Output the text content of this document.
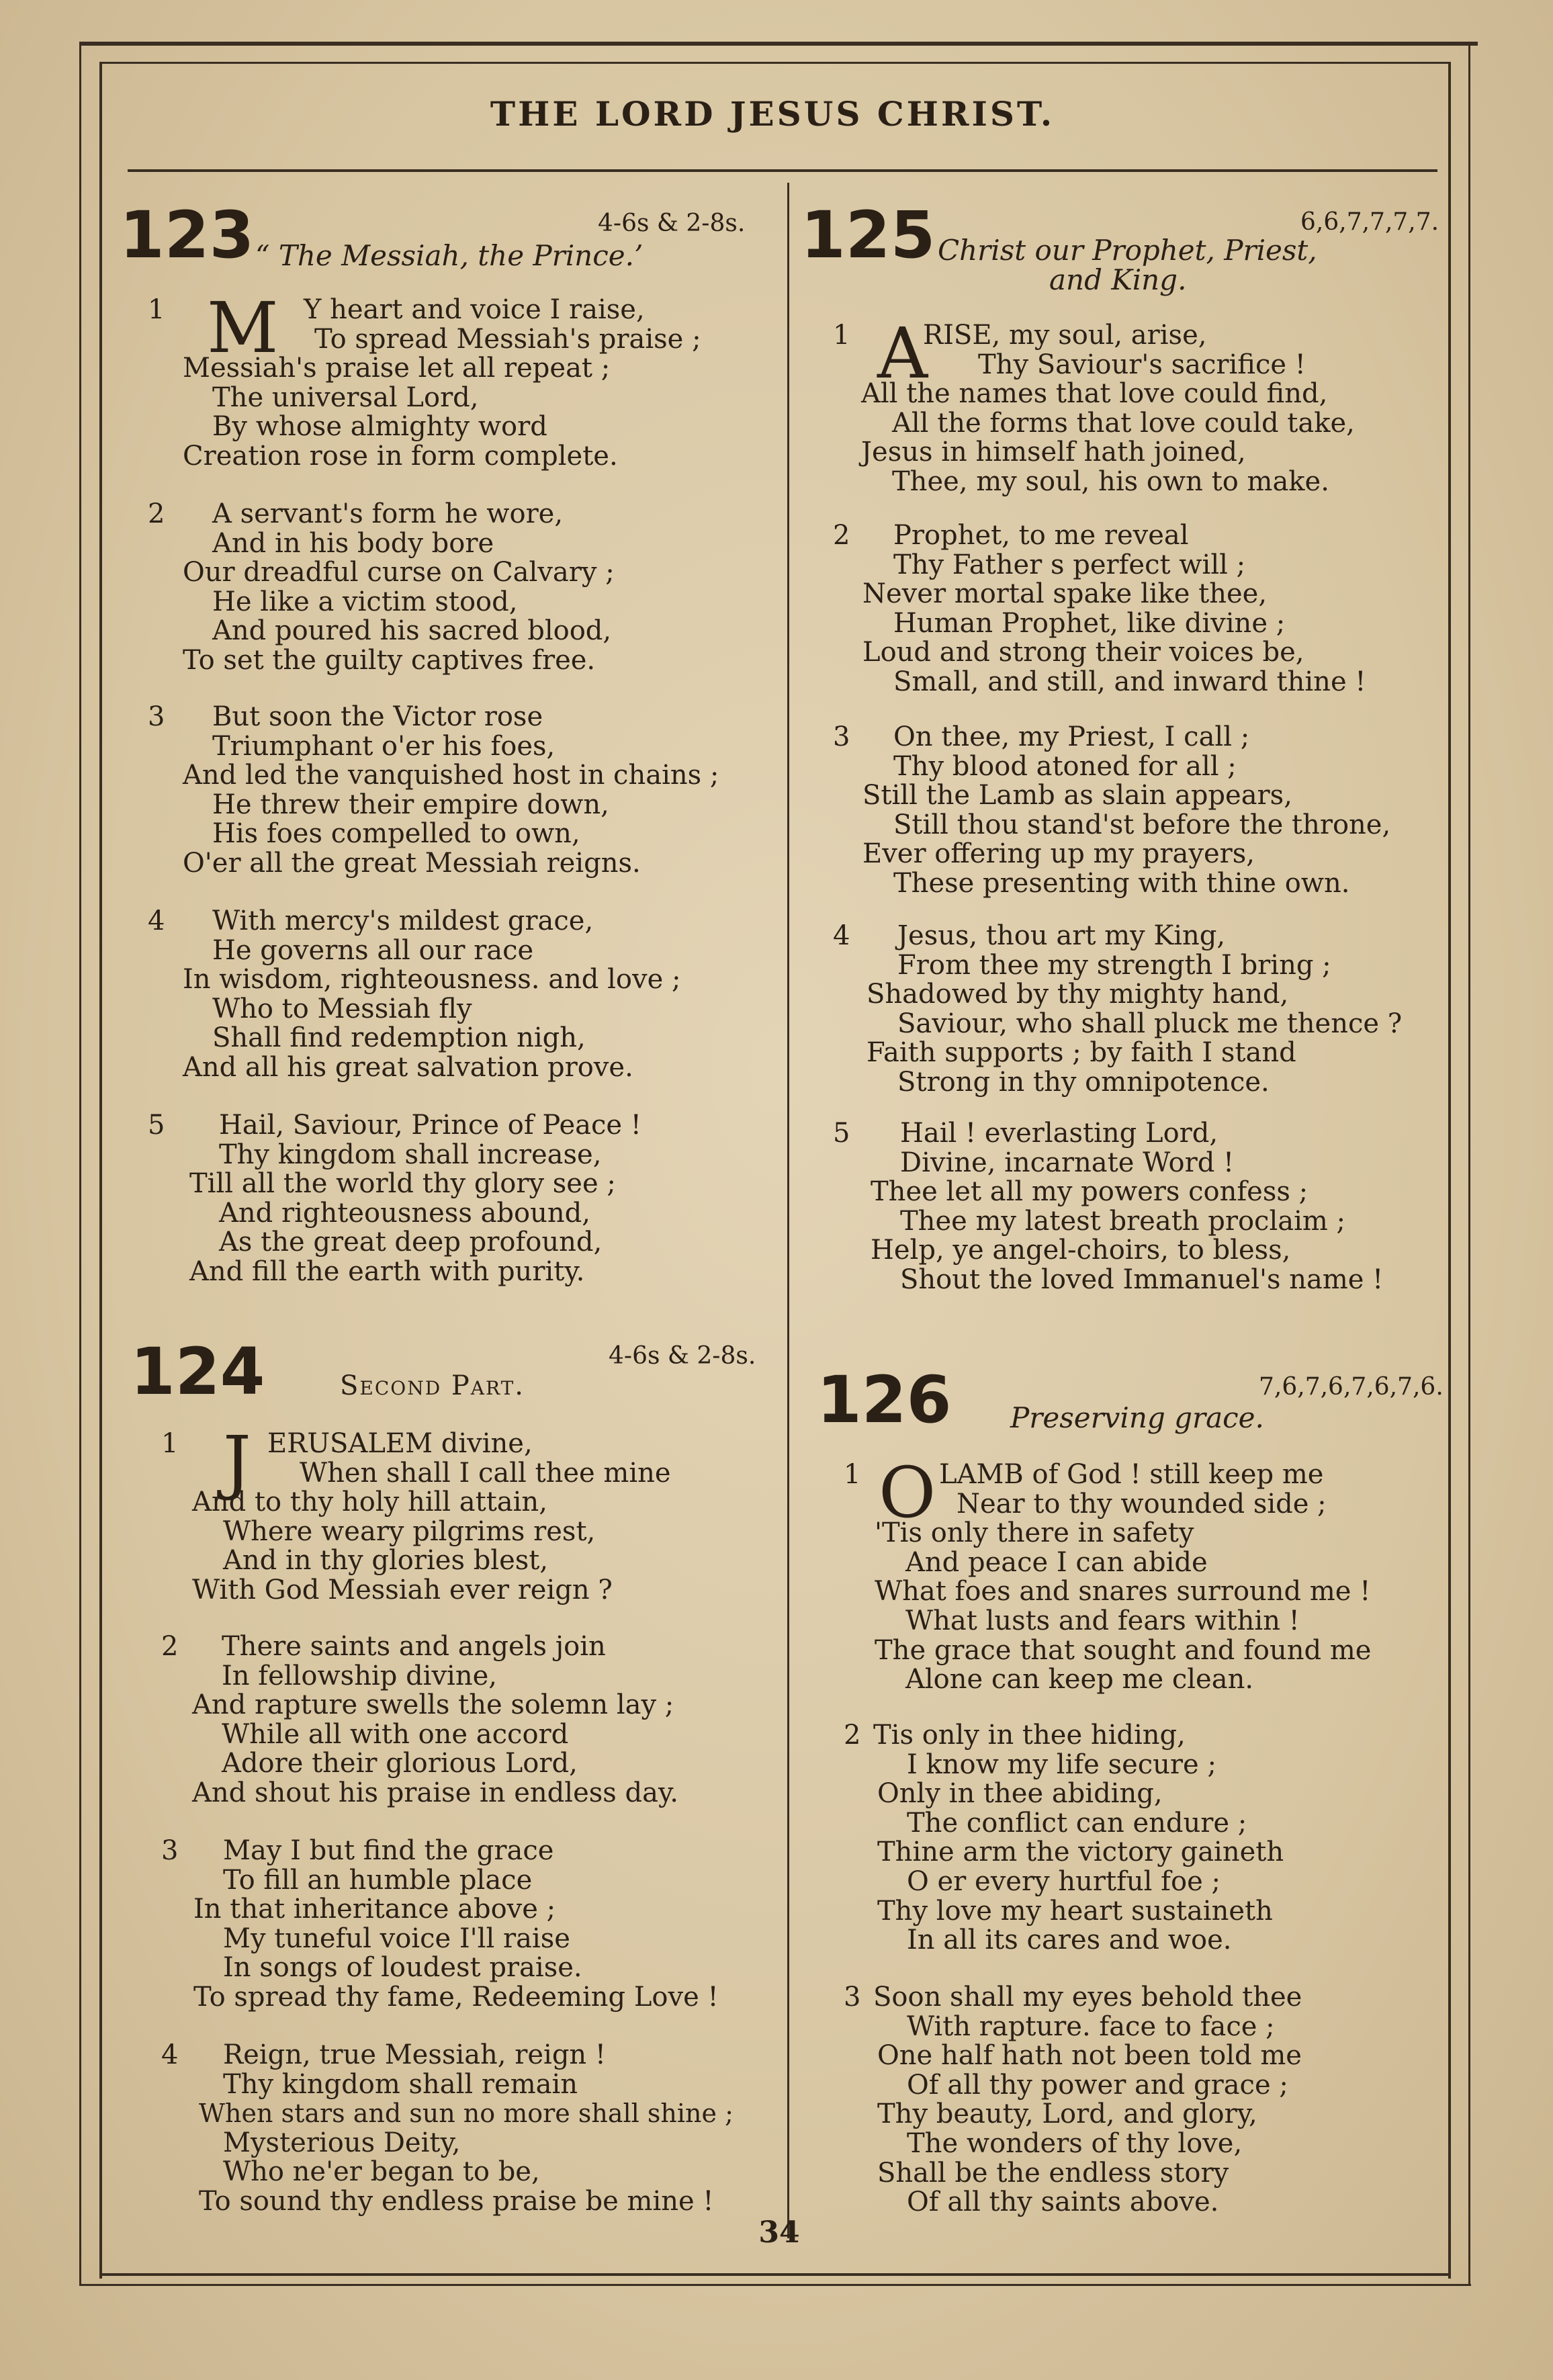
THE LORD JESUS CHRIST.
123	4-6s & 2-8s.
“ The Messiah, the Prince.’
1 M Y heart and voice I raise,
To spread Messiah's praise ;
Messiah's praise let all repeat ;
The universal Lord,
By whose almighty word
Creation rose in form complete.
2	A servant's form he wore,
And in his body bore
Our dreadful curse on Calvary ;
He like a victim stood,
And poured his sacred blood,
To set the guilty captives free.
3	But soon the Victor rose
Triumphant o'er his foes,
And led the vanquished host in chains ;
He threw their empire down,
His foes compelled to own,
O'er all the great Messiah reigns.
4	With mercy's mildest grace,
He governs all our race
In wisdom, righteousness. and love ;
Who to Messiah fly
Shall find redemption nigh,
And all his great salvation prove.
5	Hail, Saviour, Prince of Peace !
Thy kingdom shall increase,
Till all the world thy glory see ;
And righteousness abound,
As the great deep profound,
And fill the earth with purity.
124	4-6s & 2-8s.
Second Part.
1 J ERUSALEM divine,
When shall I call thee mine
And to thy holy hill attain,
Where weary pilgrims rest,
And in thy glories blest,
With God Messiah ever reign ?
2	There saints and angels join
In fellowship divine,
And rapture swells the solemn lay ;
While all with one accord
Adore their glorious Lord,
And shout his praise in endless day.
3	May I but find the grace
To fill an humble place
In that inheritance above ;
My tuneful voice I'll raise
In songs of loudest praise.
To spread thy fame, Redeeming Love !
4	Reign, true Messiah, reign !
Thy kingdom shall remain
When stars and sun no more shall shine ;
Mysterious Deity,
Who ne'er began to be,
To sound thy endless praise be mine !
125	6,6,7,7,7,7.
Christ our Prophet, Priest,
and King.
1 A
RISE, my soul, arise,
Thy Saviour's sacrifice !
All the names that love could find,
All the forms that love could take,
Jesus in himself hath joined,
Thee, my soul, his own to make.
2	Prophet, to me reveal
Thy Father s perfect will ;
Never mortal spake like thee,
Human Prophet, like divine ;
Loud and strong their voices be,
Small, and still, and inward thine !
3	On thee, my Priest, I call ;
Thy blood atoned for all ;
Still the Lamb as slain appears,
Still thou stand'st before the throne,
Ever offering up my prayers,
These presenting with thine own.
4	Jesus, thou art my King,
From thee my strength I bring ;
Shadowed by thy mighty hand,
Saviour, who shall pluck me thence ?
Faith supports ; by faith I stand
Strong in thy omnipotence.
5	Hail ! everlasting Lord,
Divine, incarnate Word !
Thee let all my powers confess ;
Thee my latest breath proclaim ;
Help, ye angel-choirs, to bless,
Shout the loved Immanuel's name !
126	7,6,7,6,7,6,7,6.
Preserving grace.
1 O LAMB of God ! still keep me
Near to thy wounded side ;
'Tis only there in safety
And peace I can abide
What foes and snares surround me !
What lusts and fears within !
The grace that sought and found me
Alone can keep me clean.
2 Tis only in thee hiding,
I know my life secure ;
Only in thee abiding,
The conflict can endure ;
Thine arm the victory gaineth
O er every hurtful foe ;
Thy love my heart sustaineth
In all its cares and woe.
3 Soon shall my eyes behold thee
With rapture. face to face ;
One half hath not been told me
Of all thy power and grace ;
Thy beauty, Lord, and glory,
The wonders of thy love,
Shall be the endless story
Of all thy saints above.
34
